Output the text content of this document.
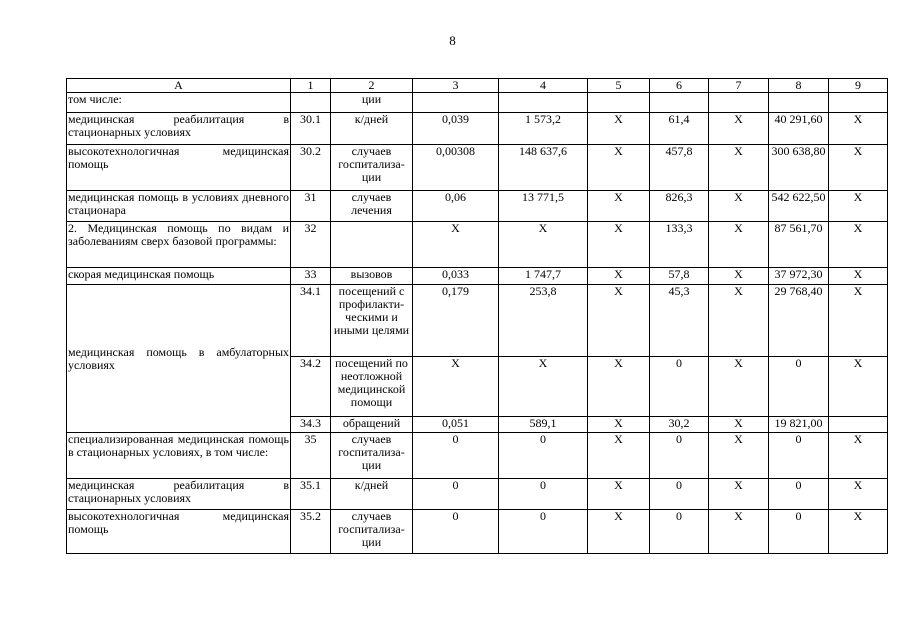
8
А	1	2	3	4	5	6	7	8	9
том числе:		ции							
медицинская реабилитация в стационарных условиях	30.1	к/дней	0,039	1 573,2	Х	61,4	Х	40 291,60	Х
высокотехнологичная медицинская помощь	30.2	случаев госпитализа-ции	0,00308	148 637,6	Х	457,8	Х	300 638,80	Х
медицинская помощь в условиях дневного стационара	31	случаев лечения	0,06	13 771,5	Х	826,3	Х	542 622,50	Х
2. Медицинская помощь по видам и заболеваниям сверх базовой программы:	32		Х	Х	Х	133,3	Х	87 561,70	Х
скорая медицинская помощь	33	вызовов	0,033	1 747,7	Х	57,8	Х	37 972,30	Х
медицинская помощь в амбулаторных условиях	34.1	посещений с профилакти-ческими и иными целями	0,179	253,8	Х	45,3	Х	29 768,40	Х
	34.2	посещений по неотложной медицинской помощи	Х	Х	Х	0	Х	0	Х
	34.3	обращений	0,051	589,1	Х	30,2	Х	19 821,00	
специализированная медицинская помощь в стационарных условиях, в том числе:	35	случаев госпитализа-ции	0	0	Х	0	Х	0	Х
медицинская реабилитация в стационарных условиях	35.1	к/дней	0	0	Х	0	Х	0	Х
высокотехнологичная медицинская помощь	35.2	случаев госпитализа-ции	0	0	Х	0	Х	0	Х
